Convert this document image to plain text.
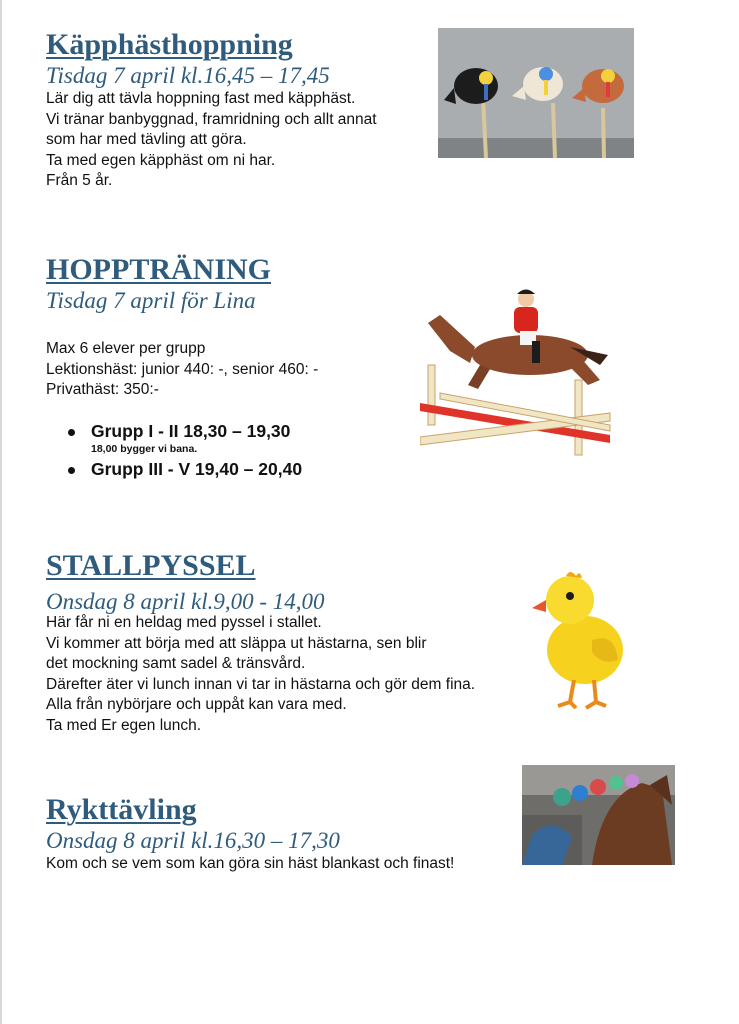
Käpphästhoppning

Tisdag 7 april kl.16,45 – 17,45

Lär dig att tävla hoppning fast med käpphäst.
Vi tränar banbyggnad, framridning och allt annat
som har med tävling att göra.
Ta med egen käpphäst om ni har.
Från 5 år.
HOPPTRÄNING

Tisdag 7 april för Lina

Max 6 elever per grupp
Lektionshäst: junior 440: -, senior 460: -
Privathäst: 350:-
Grupp I - II 18,30 – 19,30
18,00 bygger vi bana.
Grupp III - V 19,40 – 20,40
STALLPYSSEL

Onsdag 8 april kl.9,00 - 14,00

Här får ni en heldag med pyssel i stallet.
Vi kommer att börja med att släppa ut hästarna, sen blir
det mockning samt sadel & tränsvård.
Därefter äter vi lunch innan vi tar in hästarna och gör dem fina.
Alla från nybörjare och uppåt kan vara med.
Ta med Er egen lunch.
Rykttävling

Onsdag 8 april kl.16,30 – 17,30

Kom och se vem som kan göra sin häst blankast och finast!
